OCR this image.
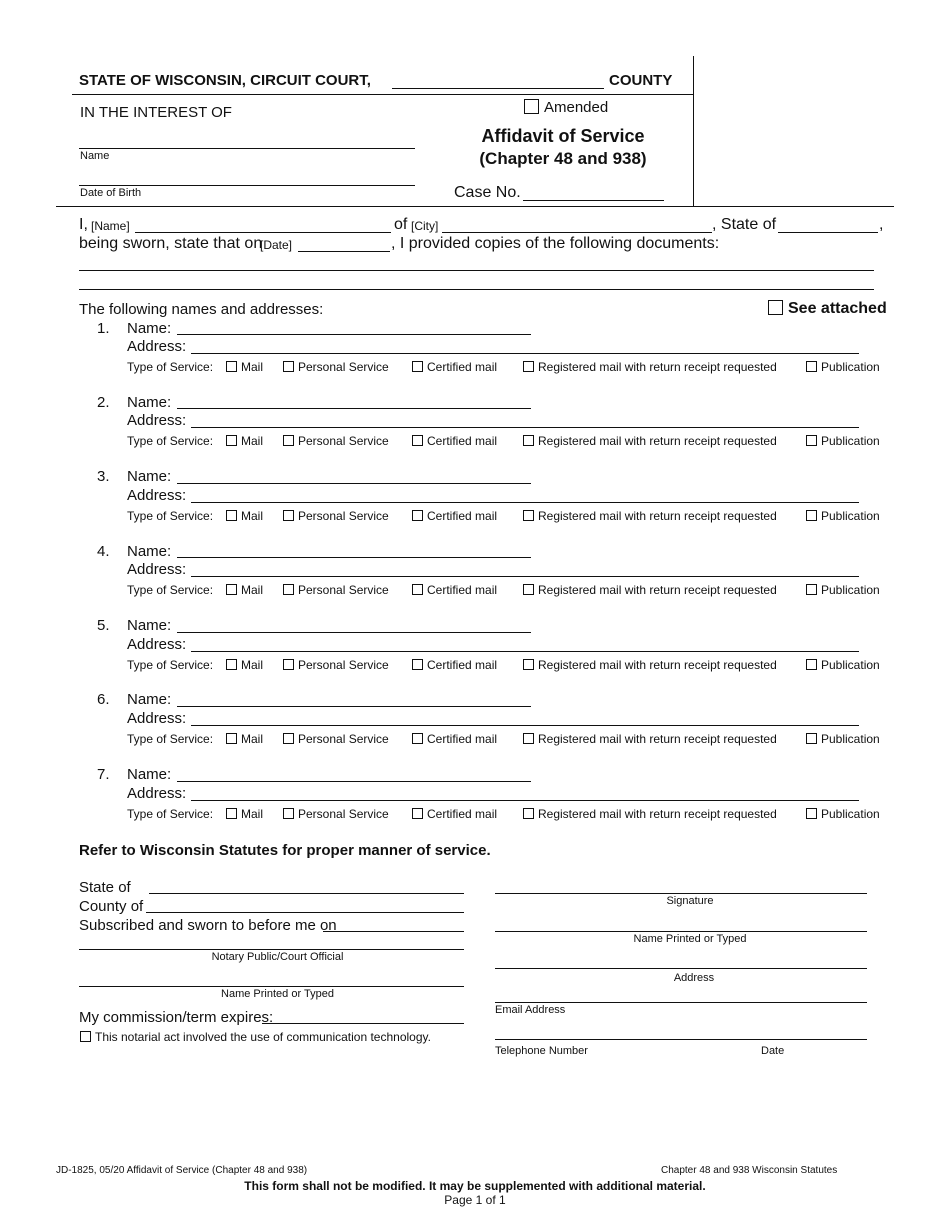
STATE OF WISCONSIN, CIRCUIT COURT,	COUNTY
IN THE INTEREST OF
Name
Date of Birth
Amended
Affidavit of Service
(Chapter 48 and 938)
Case No.
I, [Name]	of [City]	, State of	,
being sworn, state that on
[Date]	, I provided copies of the following documents:
The following names and addresses:	See attached
1. Name:
Address:
Type of Service:	Mail	Personal Service	Certified mail	Registered mail with return receipt requested	Publication
2. Name:
Address:
Type of Service:	Mail	Personal Service	Certified mail	Registered mail with return receipt requested	Publication
3. Name:
Address:
Type of Service:	Mail	Personal Service	Certified mail	Registered mail with return receipt requested	Publication
4. Name:
Address:
Type of Service:	Mail	Personal Service	Certified mail	Registered mail with return receipt requested	Publication
5. Name:
Address:
Type of Service:	Mail	Personal Service	Certified mail	Registered mail with return receipt requested	Publication
6. Name:
Address:
Type of Service:	Mail	Personal Service	Certified mail	Registered mail with return receipt requested	Publication
7. Name:
Address:
Type of Service:	Mail	Personal Service	Certified mail	Registered mail with return receipt requested	Publication
Refer to Wisconsin Statutes for proper manner of service.
State of
County of
Subscribed and sworn to before me on
Notary Public/Court Official
Name Printed or Typed
My commission/term expires:
This notarial act involved the use of communication technology.
Signature
Name Printed or Typed
Address
Email Address
Telephone Number	Date
JD-1825, 05/20 Affidavit of Service (Chapter 48 and 938)	Chapter 48 and 938 Wisconsin Statutes
This form shall not be modified. It may be supplemented with additional material.
Page 1 of 1
